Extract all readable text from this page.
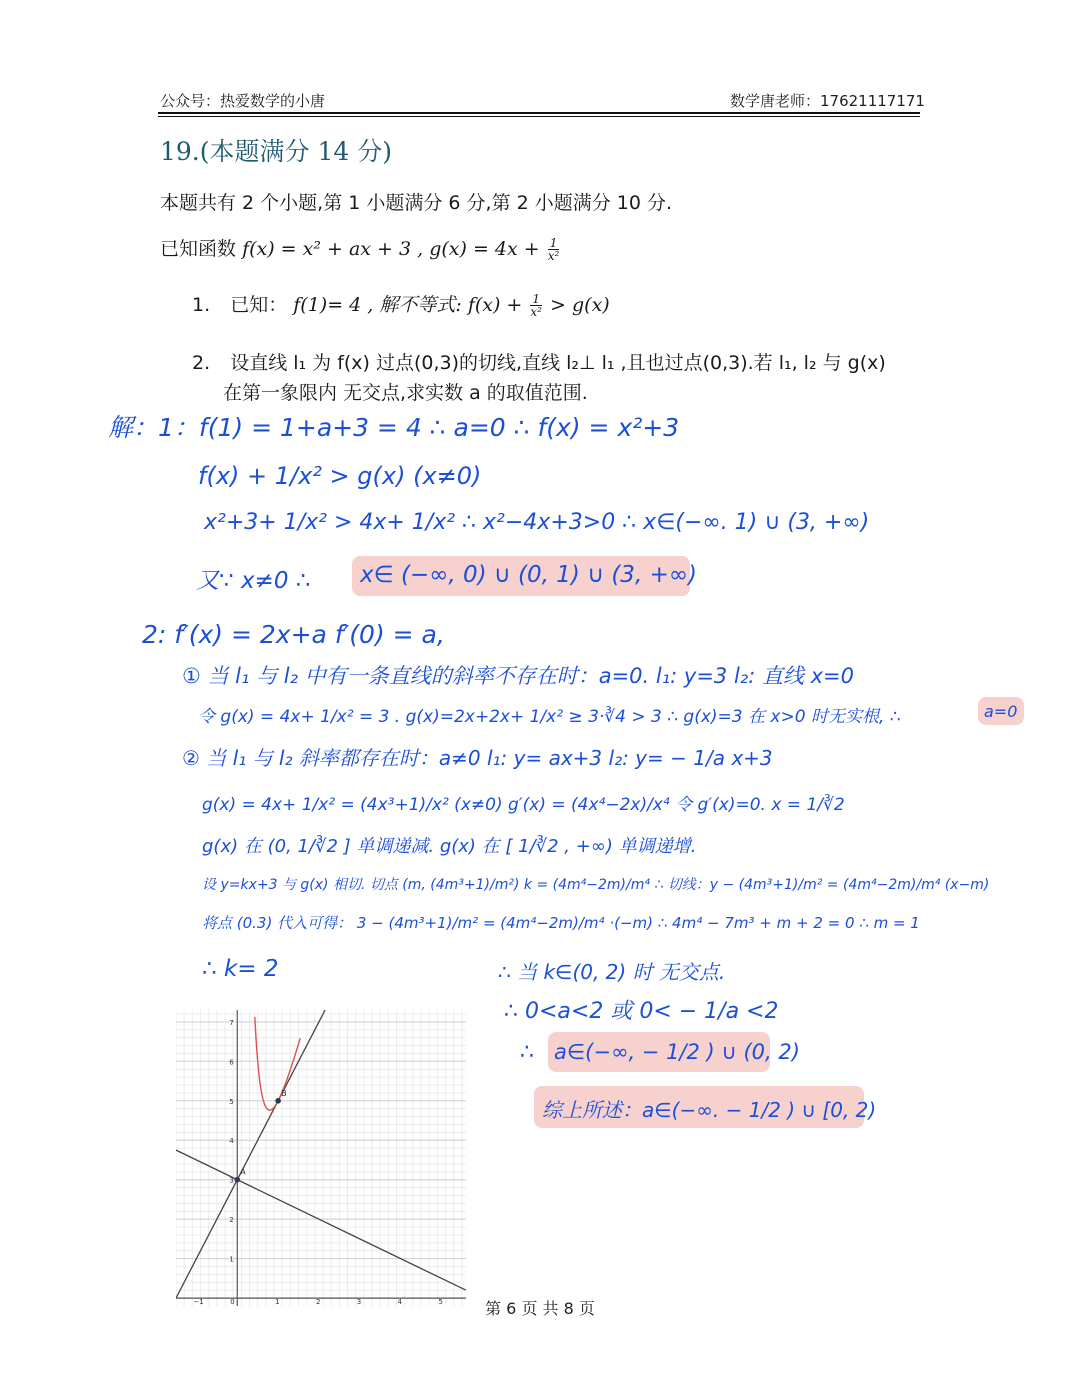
公众号：热爱数学的小唐	数学唐老师：17621117171
19.(本题满分 14 分)
本题共有 2 个小题,第 1 小题满分 6 分,第 2 小题满分 10 分.
已知函数 f(x) = x² + ax + 3 , $g(x) = 4x + \frac{1}{\text{x²}}$
1. 已知： f(1)= 4 , 解不等式: $f(x) + \frac{1}{\text{x²}} > g(x)$
2. 设直线 l₁ 为 f(x) 过点(0,3)的切线,直线 l₂⊥ l₁ ,且也过点(0,3).若 l₁, l₂ 与 g(x)
在第一象限内 无交点,求实数 a 的取值范围.
解：1：f(1) = 1+a+3 = 4 ∴ a=0 ∴ f(x) = x²+3
f(x) + 1/x² > g(x) (x≠0)
x²+3+ 1/x² > 4x+ 1/x² ∴ x²−4x+3>0 ∴ x∈(−∞. 1) ∪ (3, +∞)
又∵ x≠0 ∴ x∈ (−∞, 0) ∪ (0, 1) ∪ (3, +∞)
2: f′(x) = 2x+a f′(0) = a,
① 当 l₁ 与 l₂ 中有一条直线的斜率不存在时：a=0. l₁: y=3 l₂: 直线 x=0
令 g(x) = 4x+ 1/x² = 3 . g(x)=2x+2x+ 1/x² ≥ 3·∛4 > 3 ∴ g(x)=3 在 x>0 时无实根, ∴	a=0
② 当 l₁ 与 l₂ 斜率都存在时：a≠0 l₁: y= ax+3 l₂: y= − 1/a x+3
g(x) = 4x+ 1/x² = (4x³+1)/x² (x≠0) g′(x) = (4x⁴−2x)/x⁴ 令 g′(x)=0. x = 1/∛2
g(x) 在 (0, 1/∛2 ] 单调递减. g(x) 在 [ 1/∛2 , +∞) 单调递增.
设 y=kx+3 与 g(x) 相切. 切点 (m, (4m³+1)/m²) k = (4m⁴−2m)/m⁴ ∴ 切线：y − (4m³+1)/m² = (4m⁴−2m)/m⁴ (x−m)
将点 (0.3) 代入可得： 3 − (4m³+1)/m² = (4m⁴−2m)/m⁴ ·(−m) ∴ 4m⁴ − 7m³ + m + 2 = 0 ∴ m = 1
∴ k= 2	∴ 当 k∈(0, 2) 时 无交点.
∴ 0<a<2 或 0< − 1/a <2
∴ a∈(−∞, − 1/2 ) ∪ (0, 2)
综上所述：a∈(−∞. − 1/2 ) ∪ [0, 2)
−1	0	1	2	3	4	5
1
2
3
4
5
6
7
A
B
第 6 页 共 8 页
